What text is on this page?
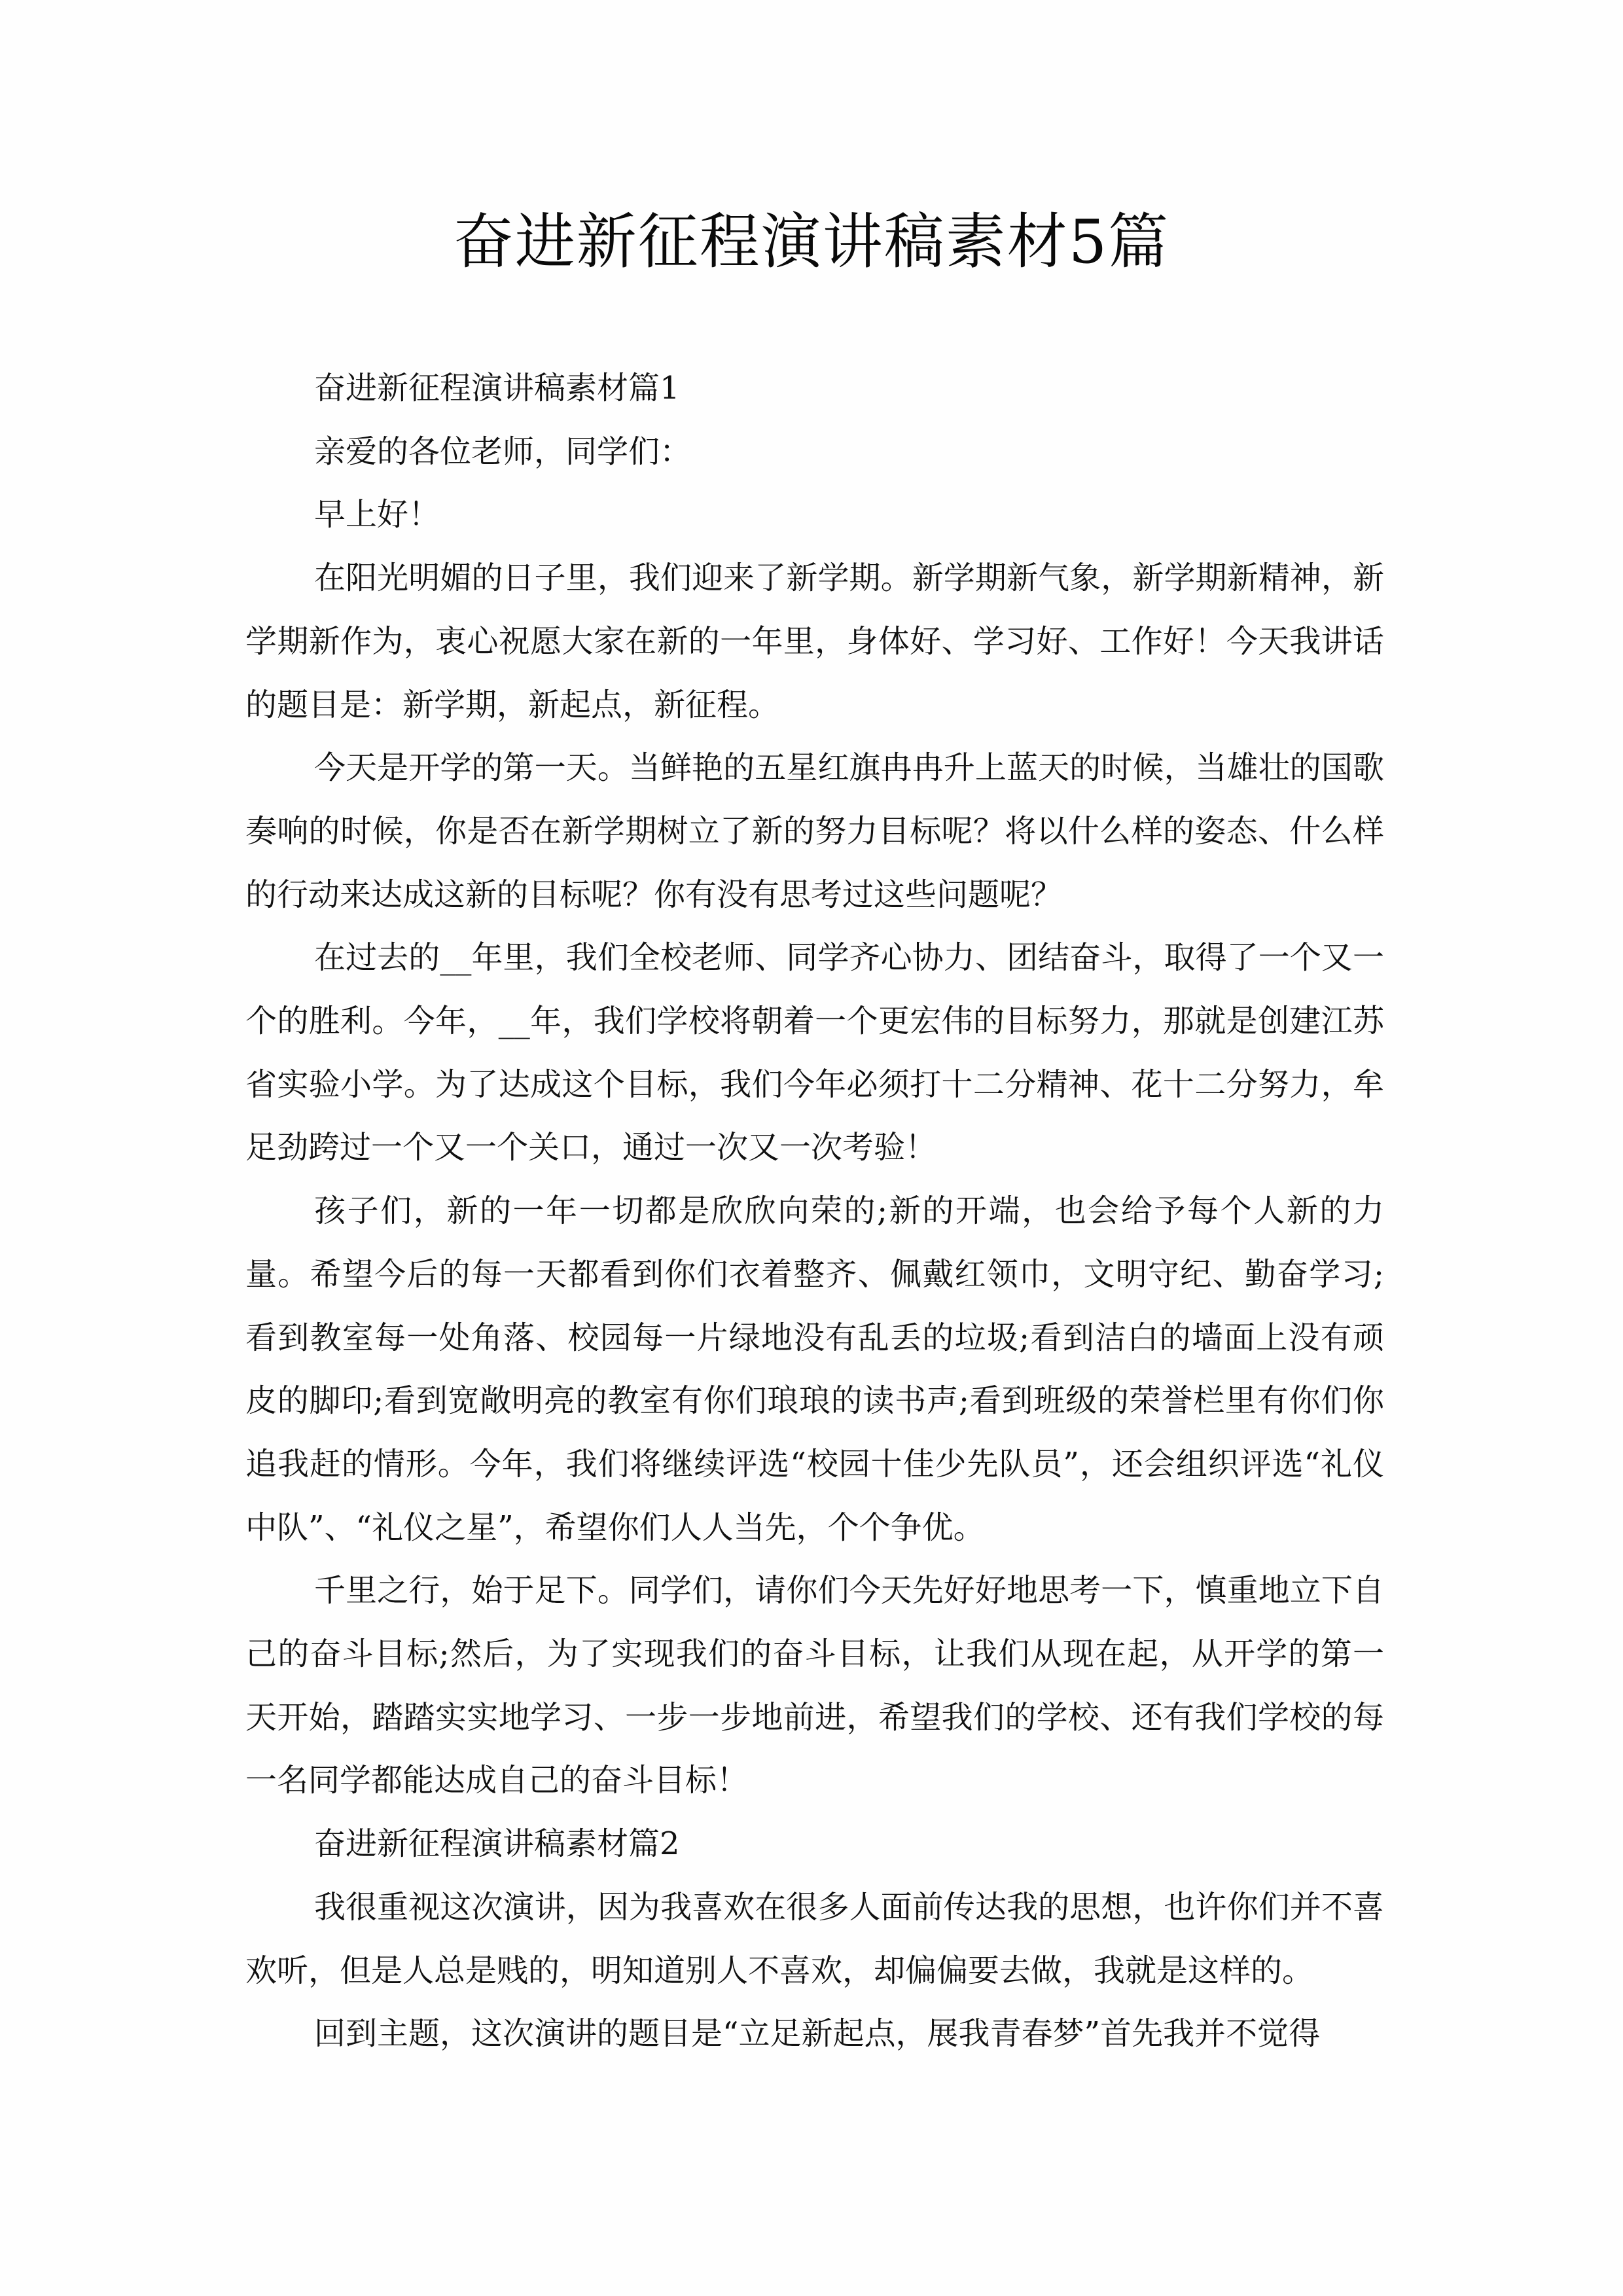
奋进新征程演讲稿素材5篇

奋进新征程演讲稿素材篇1

亲爱的各位老师，同学们：

早上好！

在阳光明媚的日子里，我们迎来了新学期。新学期新气象，新学期新精神，新学期新作为，衷心祝愿大家在新的一年里，身体好、学习好、工作好！今天我讲话的题目是：新学期，新起点，新征程。

今天是开学的第一天。当鲜艳的五星红旗冉冉升上蓝天的时候，当雄壮的国歌奏响的时候，你是否在新学期树立了新的努力目标呢？将以什么样的姿态、什么样的行动来达成这新的目标呢？你有没有思考过这些问题呢？

在过去的__年里，我们全校老师、同学齐心协力、团结奋斗，取得了一个又一个的胜利。今年，__年，我们学校将朝着一个更宏伟的目标努力，那就是创建江苏省实验小学。为了达成这个目标，我们今年必须打十二分精神、花十二分努力，牟足劲跨过一个又一个关口，通过一次又一次考验！

孩子们，新的一年一切都是欣欣向荣的;新的开端，也会给予每个人新的力量。希望今后的每一天都看到你们衣着整齐、佩戴红领巾，文明守纪、勤奋学习;看到教室每一处角落、校园每一片绿地没有乱丢的垃圾;看到洁白的墙面上没有顽皮的脚印;看到宽敞明亮的教室有你们琅琅的读书声;看到班级的荣誉栏里有你们你追我赶的情形。今年，我们将继续评选“校园十佳少先队员”，还会组织评选“礼仪中队”、“礼仪之星”，希望你们人人当先，个个争优。

千里之行，始于足下。同学们，请你们今天先好好地思考一下，慎重地立下自己的奋斗目标;然后，为了实现我们的奋斗目标，让我们从现在起，从开学的第一天开始，踏踏实实地学习、一步一步地前进，希望我们的学校、还有我们学校的每一名同学都能达成自己的奋斗目标！

奋进新征程演讲稿素材篇2

我很重视这次演讲，因为我喜欢在很多人面前传达我的思想，也许你们并不喜欢听，但是人总是贱的，明知道别人不喜欢，却偏偏要去做，我就是这样的。

回到主题，这次演讲的题目是“立足新起点，展我青春梦”首先我并不觉得
